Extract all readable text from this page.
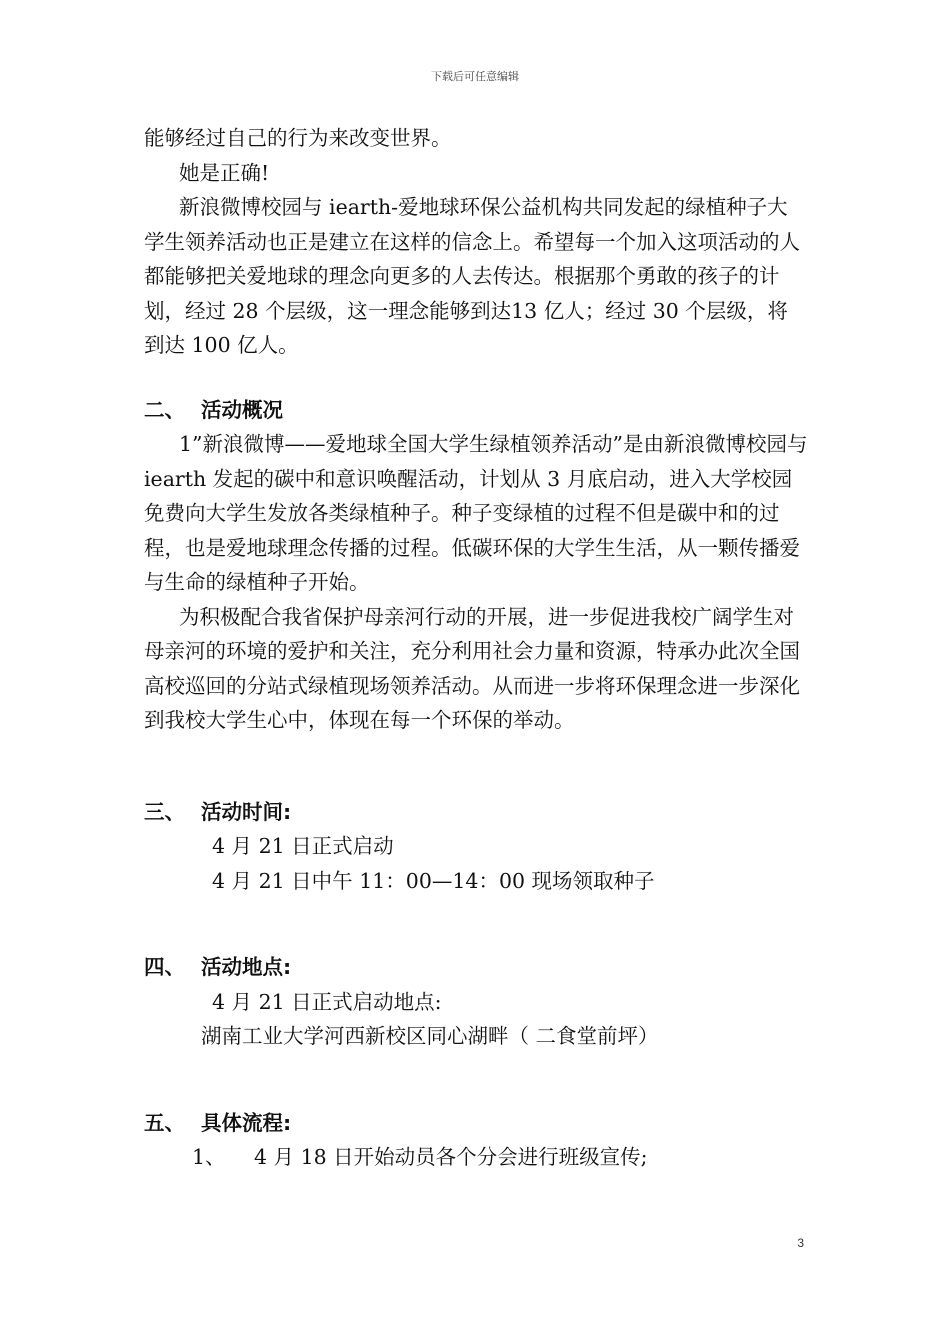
下载后可任意编辑

能够经过自己的行为来改变世界。

她是正确!

新浪微博校园与 iearth-爱地球环保公益机构共同发起的绿植种子大学生领养活动也正是建立在这样的信念上。希望每一个加入这项活动的人都能够把关爱地球的理念向更多的人去传达。根据那个勇敢的孩子的计划，经过 28 个层级，这一理念能够到达13 亿人；经过 30 个层级，将到达 100 亿人。

二、 活动概况

1”新浪微博——爱地球全国大学生绿植领养活动”是由新浪微博校园与 iearth 发起的碳中和意识唤醒活动，计划从 3 月底启动，进入大学校园免费向大学生发放各类绿植种子。种子变绿植的过程不但是碳中和的过程，也是爱地球理念传播的过程。低碳环保的大学生生活，从一颗传播爱与生命的绿植种子开始。

为积极配合我省保护母亲河行动的开展，进一步促进我校广阔学生对母亲河的环境的爱护和关注，充分利用社会力量和资源，特承办此次全国高校巡回的分站式绿植现场领养活动。从而进一步将环保理念进一步深化到我校大学生心中，体现在每一个环保的举动。

三、 活动时间:

4 月 21 日正式启动

4 月 21 日中午 11：00—14：00 现场领取种子

四、 活动地点:

4 月 21 日正式启动地点:

湖南工业大学河西新校区同心湖畔（ 二食堂前坪）

五、 具体流程:

1、 4 月 18 日开始动员各个分会进行班级宣传;

3
